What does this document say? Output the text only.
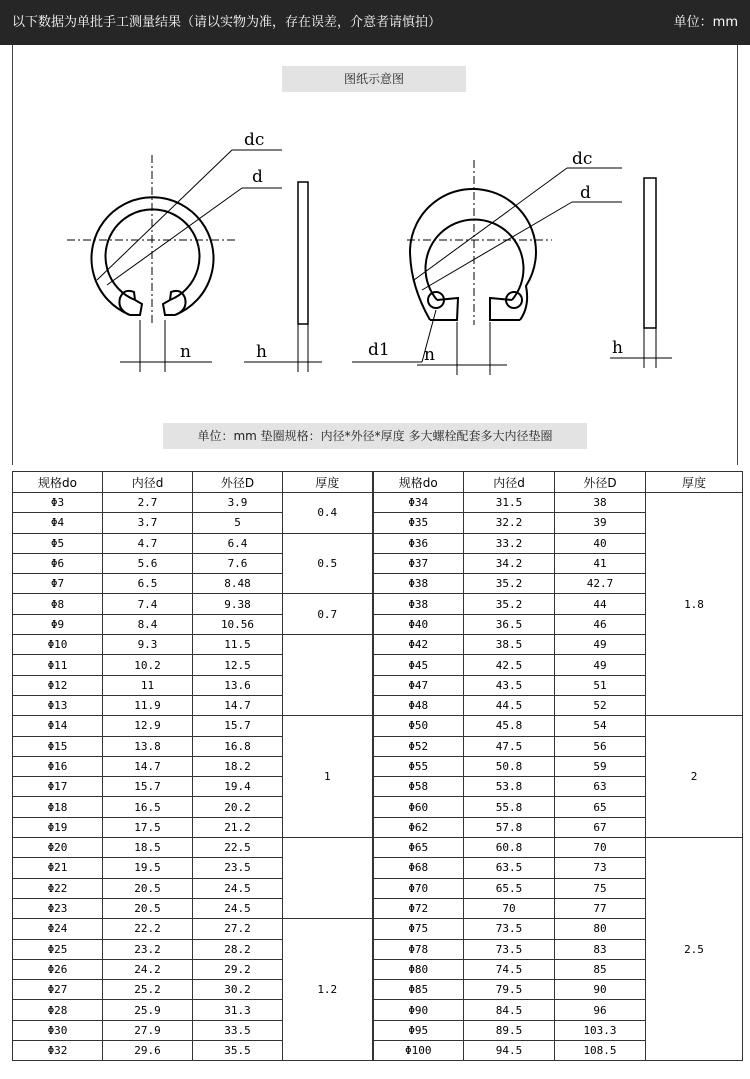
以下数据为单批手工测量结果（请以实物为准，存在误差，介意者请慎拍）	单位：mm
图纸示意图
dc
d
n	h
dc
d
d1 n	h
单位：mm 垫圈规格：内径*外径*厚度 多大螺栓配套多大内径垫圈
规格do	内径d	外径D	厚度	规格do	内径d	外径D	厚度
Φ3	2.7	3.9	0.4	Φ34	31.5	38	1.8
Φ4	3.7	5		Φ35	32.2	39	
Φ5	4.7	6.4	0.5	Φ36	33.2	40	
Φ6	5.6	7.6		Φ37	34.2	41	
Φ7	6.5	8.48		Φ38	35.2	42.7	
Φ8	7.4	9.38	0.7	Φ38	35.2	44	
Φ9	8.4	10.56		Φ40	36.5	46	
Φ10	9.3	11.5		Φ42	38.5	49	
Φ11	10.2	12.5		Φ45	42.5	49	
Φ12	11	13.6		Φ47	43.5	51	
Φ13	11.9	14.7		Φ48	44.5	52	
Φ14	12.9	15.7	1	Φ50	45.8	54	2
Φ15	13.8	16.8		Φ52	47.5	56	
Φ16	14.7	18.2		Φ55	50.8	59	
Φ17	15.7	19.4		Φ58	53.8	63	
Φ18	16.5	20.2		Φ60	55.8	65	
Φ19	17.5	21.2		Φ62	57.8	67	
Φ20	18.5	22.5		Φ65	60.8	70	2.5
Φ21	19.5	23.5		Φ68	63.5	73	
Φ22	20.5	24.5		Φ70	65.5	75	
Φ23	20.5	24.5		Φ72	70	77	
Φ24	22.2	27.2	1.2	Φ75	73.5	80	
Φ25	23.2	28.2		Φ78	73.5	83	
Φ26	24.2	29.2		Φ80	74.5	85	
Φ27	25.2	30.2		Φ85	79.5	90	
Φ28	25.9	31.3		Φ90	84.5	96	
Φ30	27.9	33.5		Φ95	89.5	103.3	
Φ32	29.6	35.5		Φ100	94.5	108.5	
